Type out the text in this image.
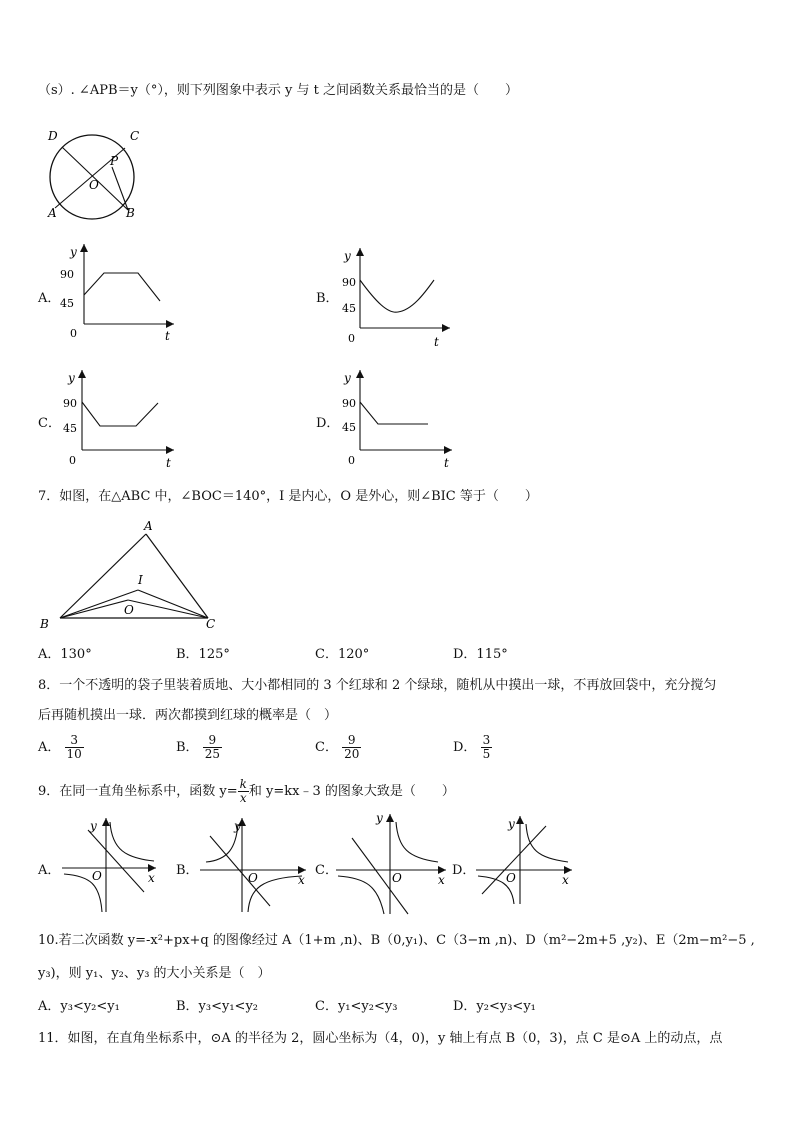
（s）. ∠APB＝y（°），则下列图象中表示 y 与 t 之间函数关系最恰当的是（　　）
D	C
P
O
A	B
A．
y
90
45
0	t
B．
y
90
45
0	t
C．
y
90
45
0	t
D．
y
90
45
0	t
7．如图，在△ABC 中，∠BOC＝140°，I 是内心，O 是外心，则∠BIC 等于（　　）
A
B	C
I
O
A．130°	B．125°	C．120°	D．115°
8．一个不透明的袋子里装着质地、大小都相同的 3 个红球和 2 个绿球，随机从中摸出一球，不再放回袋中，充分搅匀
后再随机摸出一球．两次都摸到红球的概率是（　）
A． $\frac{3}{10}$	B． $\frac{9}{25}$	C． $\frac{9}{20}$	D． $\frac{3}{5}$
9．在同一直角坐标系中，函数 $y= \frac{k}{x}$ 和 y=kx﹣3 的图象大致是（　　）
A．
y
x
O	B．
y
x
O	C．
y
x
O	D．
y
x
O
10.若二次函数 y=-x²+px+q 的图像经过 A（1+m ,n)、B（0,y₁)、C（3−m ,n)、D（m²−2m+5 ,y₂)、E（2m−m²−5 ,
y₃)，则 y₁、y₂、y₃ 的大小关系是（　）
A．y₃<y₂<y₁	B．y₃<y₁<y₂	C．y₁<y₂<y₃	D．y₂<y₃<y₁
11．如图，在直角坐标系中，⊙A 的半径为 2，圆心坐标为（4，0)，y 轴上有点 B（0，3)，点 C 是⊙A 上的动点，点
